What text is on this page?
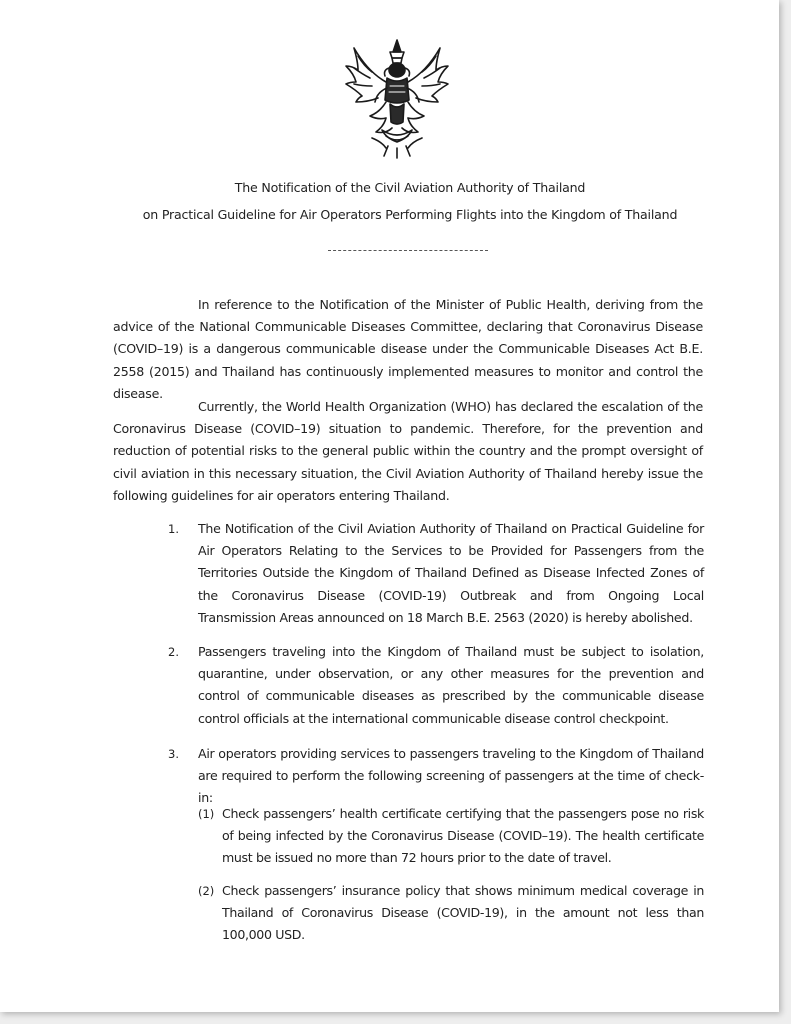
The Notification of the Civil Aviation Authority of Thailand
on Practical Guideline for Air Operators Performing Flights into the Kingdom of Thailand
In reference to the Notification of the Minister of Public Health, deriving from the advice of the National Communicable Diseases Committee, declaring that Coronavirus Disease (COVID–19) is a dangerous communicable disease under the Communicable Diseases Act B.E. 2558 (2015) and Thailand has continuously implemented measures to monitor and control the disease.
Currently, the World Health Organization (WHO) has declared the escalation of the Coronavirus Disease (COVID–19) situation to pandemic. Therefore, for the prevention and reduction of potential risks to the general public within the country and the prompt oversight of civil aviation in this necessary situation, the Civil Aviation Authority of Thailand hereby issue the following guidelines for air operators entering Thailand.
1. The Notification of the Civil Aviation Authority of Thailand on Practical Guideline for Air Operators Relating to the Services to be Provided for Passengers from the Territories Outside the Kingdom of Thailand Defined as Disease Infected Zones of the Coronavirus Disease (COVID-19) Outbreak and from Ongoing Local Transmission Areas announced on 18 March B.E. 2563 (2020) is hereby abolished.
2. Passengers traveling into the Kingdom of Thailand must be subject to isolation, quarantine, under observation, or any other measures for the prevention and control of communicable diseases as prescribed by the communicable disease control officials at the international communicable disease control checkpoint.
3. Air operators providing services to passengers traveling to the Kingdom of Thailand are required to perform the following screening of passengers at the time of check-in:
(1) Check passengers’ health certificate certifying that the passengers pose no risk of being infected by the Coronavirus Disease (COVID–19). The health certificate must be issued no more than 72 hours prior to the date of travel.
(2) Check passengers’ insurance policy that shows minimum medical coverage in Thailand of Coronavirus Disease (COVID-19), in the amount not less than 100,000 USD.
